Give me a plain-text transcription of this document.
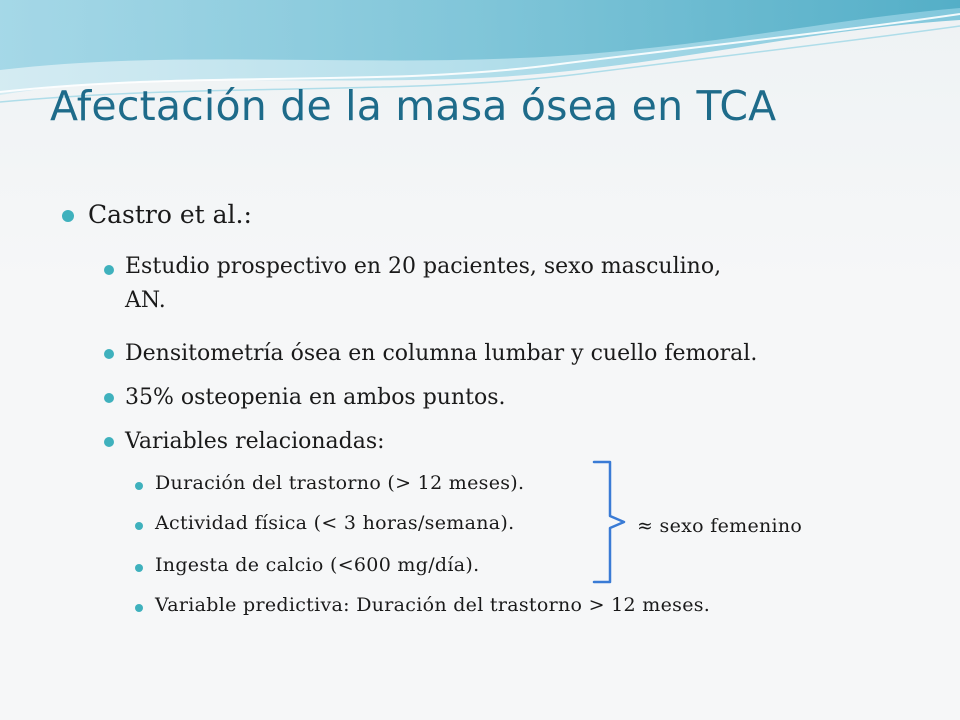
Afectación de la masa ósea en TCA
Castro et al.:
Estudio prospectivo en 20 pacientes, sexo masculino,
AN.
Densitometría ósea en columna lumbar y cuello femoral.
35% osteopenia en ambos puntos.
Variables relacionadas:
Duración del trastorno (> 12 meses).
Actividad física (< 3 horas/semana).
Ingesta de calcio (<600 mg/día).
Variable predictiva: Duración del trastorno > 12 meses.
≈ sexo femenino
